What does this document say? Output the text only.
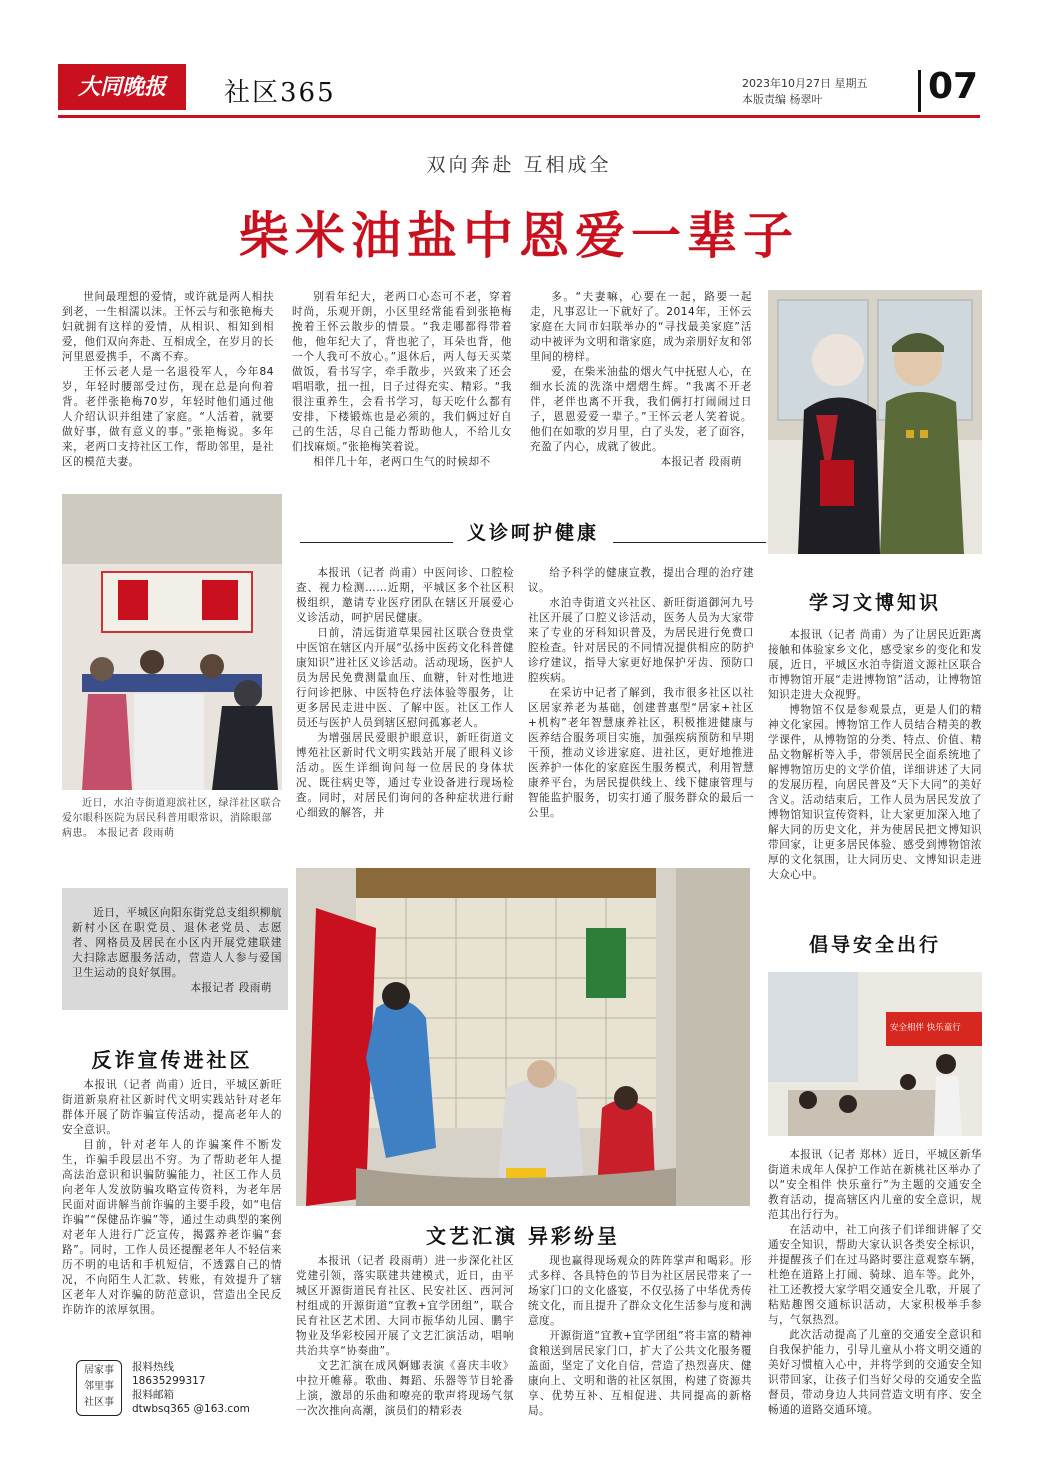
大同晚报	社区365	2023年10月27日 星期五
本版责编 杨翠叶	07
双向奔赴 互相成全
柴米油盐中恩爱一辈子

世间最理想的爱情，或许就是两人相扶到老，一生相濡以沫。王怀云与和张艳梅夫妇就拥有这样的爱情，从相识、相知到相爱，他们双向奔赴、互相成全，在岁月的长河里恩爱携手，不离不弃。

王怀云老人是一名退役军人，今年84岁，年轻时腰部受过伤，现在总是向佝着背。老伴张艳梅70岁，年轻时他们通过他人介绍认识并组建了家庭。“人活着，就要做好事，做有意义的事。”张艳梅说。多年来，老两口支持社区工作，帮助邻里，是社区的模范夫妻。

别看年纪大，老两口心态可不老，穿着时尚，乐观开朗，小区里经常能看到张艳梅挽着王怀云散步的情景。“我走哪都得带着他，他年纪大了，背也驼了，耳朵也背，他一个人我可不放心。”退休后，两人每天买菜做饭，看书写字，牵手散步，兴致来了还会唱唱歌，扭一扭，日子过得充实、精彩。“我很注重养生，会看书学习，每天吃什么都有安排，下楼锻炼也是必须的，我们俩过好自己的生活，尽自己能力帮助他人，不给儿女们找麻烦。”张艳梅笑着说。

相伴几十年，老两口生气的时候却不

多。“夫妻嘛，心要在一起，路要一起走，凡事忍让一下就好了。2014年，王怀云家庭在大同市妇联举办的“寻找最美家庭”活动中被评为文明和谐家庭，成为亲朋好友和邻里间的榜样。

爱，在柴米油盐的烟火气中抚慰人心，在细水长流的洗涤中熠熠生辉。“我离不开老伴，老伴也离不开我，我们俩打打闹闹过日子，恩恩爱爱一辈子。”王怀云老人笑着说。他们在如歌的岁月里，白了头发，老了面容，充盈了内心，成就了彼此。

本报记者 段雨萌
近日，水泊寺街道迎滨社区，绿洋社区联合爱尔眼科医院为居民科普用眼常识，消除眼部病患。 本报记者 段雨萌
义诊呵护健康

本报讯（记者 尚甫）中医问诊、口腔检查、视力检测……近期，平城区多个社区积极组织，邀请专业医疗团队在辖区开展爱心义诊活动，呵护居民健康。

日前，清远街道草果园社区联合登贵堂中医馆在辖区内开展“弘扬中医药文化科普健康知识”进社区义诊活动。活动现场，医护人员为居民免费测量血压、血糖，针对性地进行问诊把脉、中医特色疗法体验等服务，让更多居民走进中医、了解中医。社区工作人员还与医护人员到辖区慰问孤寡老人。

为增强居民爱眼护眼意识，新旺街道文博苑社区新时代文明实践站开展了眼科义诊活动。医生详细询问每一位居民的身体状况、既往病史等，通过专业设备进行现场检查。同时，对居民们询问的各种症状进行耐心细致的解答，并

给予科学的健康宣教，提出合理的治疗建议。

水泊寺街道文兴社区、新旺街道御河九号社区开展了口腔义诊活动，医务人员为大家带来了专业的牙科知识普及，为居民进行免费口腔检查。针对居民的不同情况提供相应的防护诊疗建议，指导大家更好地保护牙齿、预防口腔疾病。

在采访中记者了解到，我市很多社区以社区居家养老为基础，创建普惠型“居家+社区+机构”老年智慧康养社区，积极推进健康与医养结合服务项目实施，加强疾病预防和早期干预，推动义诊进家庭、进社区，更好地推进医养护一体化的家庭医生服务模式，利用智慧康养平台，为居民提供线上、线下健康管理与智能监护服务，切实打通了服务群众的最后一公里。

学习文博知识

本报讯（记者 尚甫）为了让居民近距离接触和体验家乡文化，感受家乡的变化和发展，近日，平城区水泊寺街道文源社区联合市博物馆开展“走进博物馆”活动，让博物馆知识走进大众视野。

博物馆不仅是参观景点，更是人们的精神文化家园。博物馆工作人员结合精美的教学课件，从博物馆的分类、特点、价值、精品文物解析等入手，带领居民全面系统地了解博物馆历史的文学价值，详细讲述了大同的发展历程，向居民普及“天下大同”的美好含义。活动结束后，工作人员为居民发放了博物馆知识宣传资料，让大家更加深入地了解大同的历史文化，并为使居民把文博知识带回家，让更多居民体验、感受到博物馆浓厚的文化氛围，让大同历史、文博知识走进大众心中。

近日，平城区向阳东街党总支组织柳航新村小区在职党员、退休老党员、志愿者、网格员及居民在小区内开展党建联建大扫除志愿服务活动，营造人人参与爱国卫生运动的良好氛围。

本报记者 段雨萌
反诈宣传进社区

本报讯（记者 尚甫）近日，平城区新旺街道新泉府社区新时代文明实践站针对老年群体开展了防诈骗宣传活动，提高老年人的安全意识。

目前，针对老年人的诈骗案件不断发生，诈骗手段层出不穷。为了帮助老年人提高法治意识和识骗防骗能力，社区工作人员向老年人发放防骗攻略宣传资料，为老年居民面对面讲解当前诈骗的主要手段，如“电信诈骗”“保健品诈骗”等，通过生动典型的案例对老年人进行广泛宣传，揭露养老诈骗“套路”。同时，工作人员还提醒老年人不轻信来历不明的电话和手机短信，不透露自己的情况，不向陌生人汇款、转账，有效提升了辖区老年人对诈骗的防范意识，营造出全民反诈防诈的浓厚氛围。

文艺汇演 异彩纷呈

本报讯（记者 段雨萌）进一步深化社区党建引领，落实联建共建模式，近日，由平城区开源街道民育社区、民安社区、西河河村组成的开源街道“宜教+宜学团组”，联合民育社区艺术团、大同市振华幼儿园、鹏宇物业及华彩校园开展了文艺汇演活动，唱响共治共享“协奏曲”。

文艺汇演在成风婀娜表演《喜庆丰收》中拉开帷幕。歌曲、舞蹈、乐器等节目轮番上演，激昂的乐曲和嘹亮的歌声将现场气氛一次次推向高潮，演员们的精彩表

现也赢得现场观众的阵阵掌声和喝彩。形式多样、各具特色的节目为社区居民带来了一场家门口的文化盛宴，不仅弘扬了中华优秀传统文化，而且提升了群众文化生活参与度和满意度。

开源街道“宜教+宜学团组”将丰富的精神食粮送到居民家门口，扩大了公共文化服务覆盖面，坚定了文化自信，营造了热烈喜庆、健康向上、文明和谐的社区氛围，构建了资源共享、优势互补、互相促进、共同提高的新格局。

倡导安全出行
安全相伴 快乐童行

本报讯（记者 郑林）近日，平城区新华街道未成年人保护工作站在新桃社区举办了以“安全相伴 快乐童行”为主题的交通安全教育活动，提高辖区内儿童的安全意识，规范其出行行为。

在活动中，社工向孩子们详细讲解了交通安全知识，帮助大家认识各类安全标识，并提醒孩子们在过马路时要注意观察车辆，杜绝在道路上打闹、骑球、追车等。此外，社工还教授大家学唱交通安全儿歌，开展了粘贴趣图交通标识活动，大家积极举手参与，气氛热烈。

此次活动提高了儿童的交通安全意识和自我保护能力，引导儿童从小将文明交通的美好习惯植入心中，并将学到的交通安全知识带回家，让孩子们当好父母的交通安全监督员，带动身边人共同营造文明有序、安全畅通的道路交通环境。

居家事
邻里事
社区事
报料热线
18635299317
报料邮箱
dtwbsq365 @163.com
